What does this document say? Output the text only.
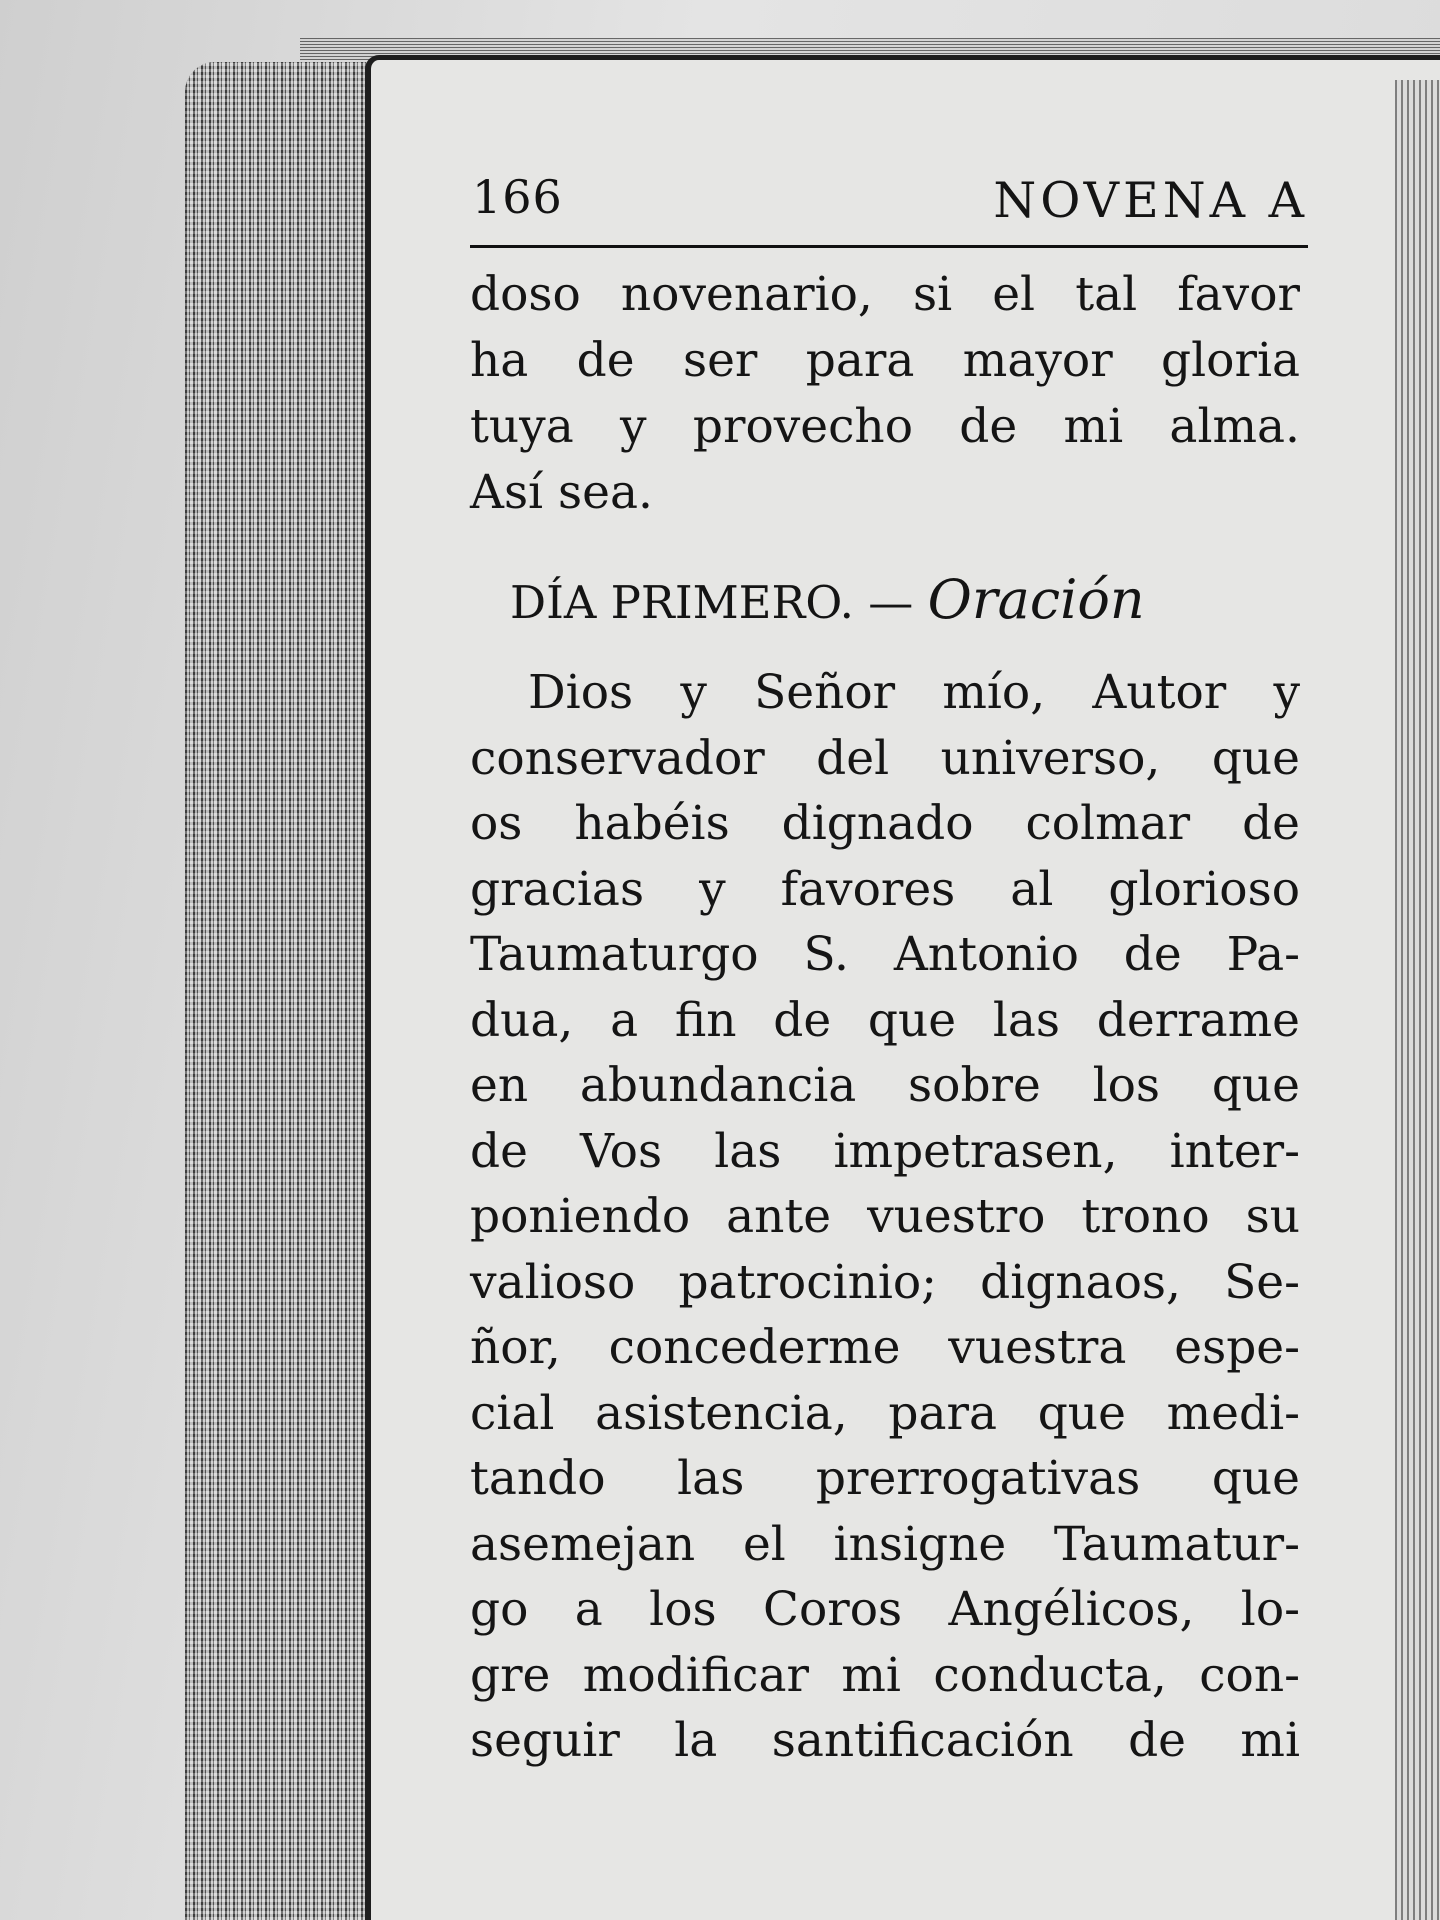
166	NOVENA A
doso novenario, si el tal favor
ha de ser para mayor gloria
tuya y provecho de mi alma.
Así sea.
DÍA PRIMERO. — Oración
Dios y Señor mío, Autor y
conservador del universo, que
os habéis dignado colmar de
gracias y favores al glorioso
Taumaturgo S. Antonio de Pa-
dua, a fin de que las derrame
en abundancia sobre los que
de Vos las impetrasen, inter-
poniendo ante vuestro trono su
valioso patrocinio; dignaos, Se-
ñor, concederme vuestra espe-
cial asistencia, para que medi-
tando las prerrogativas que
asemejan el insigne Taumatur-
go a los Coros Angélicos, lo-
gre modificar mi conducta, con-
seguir la santificación de mi
